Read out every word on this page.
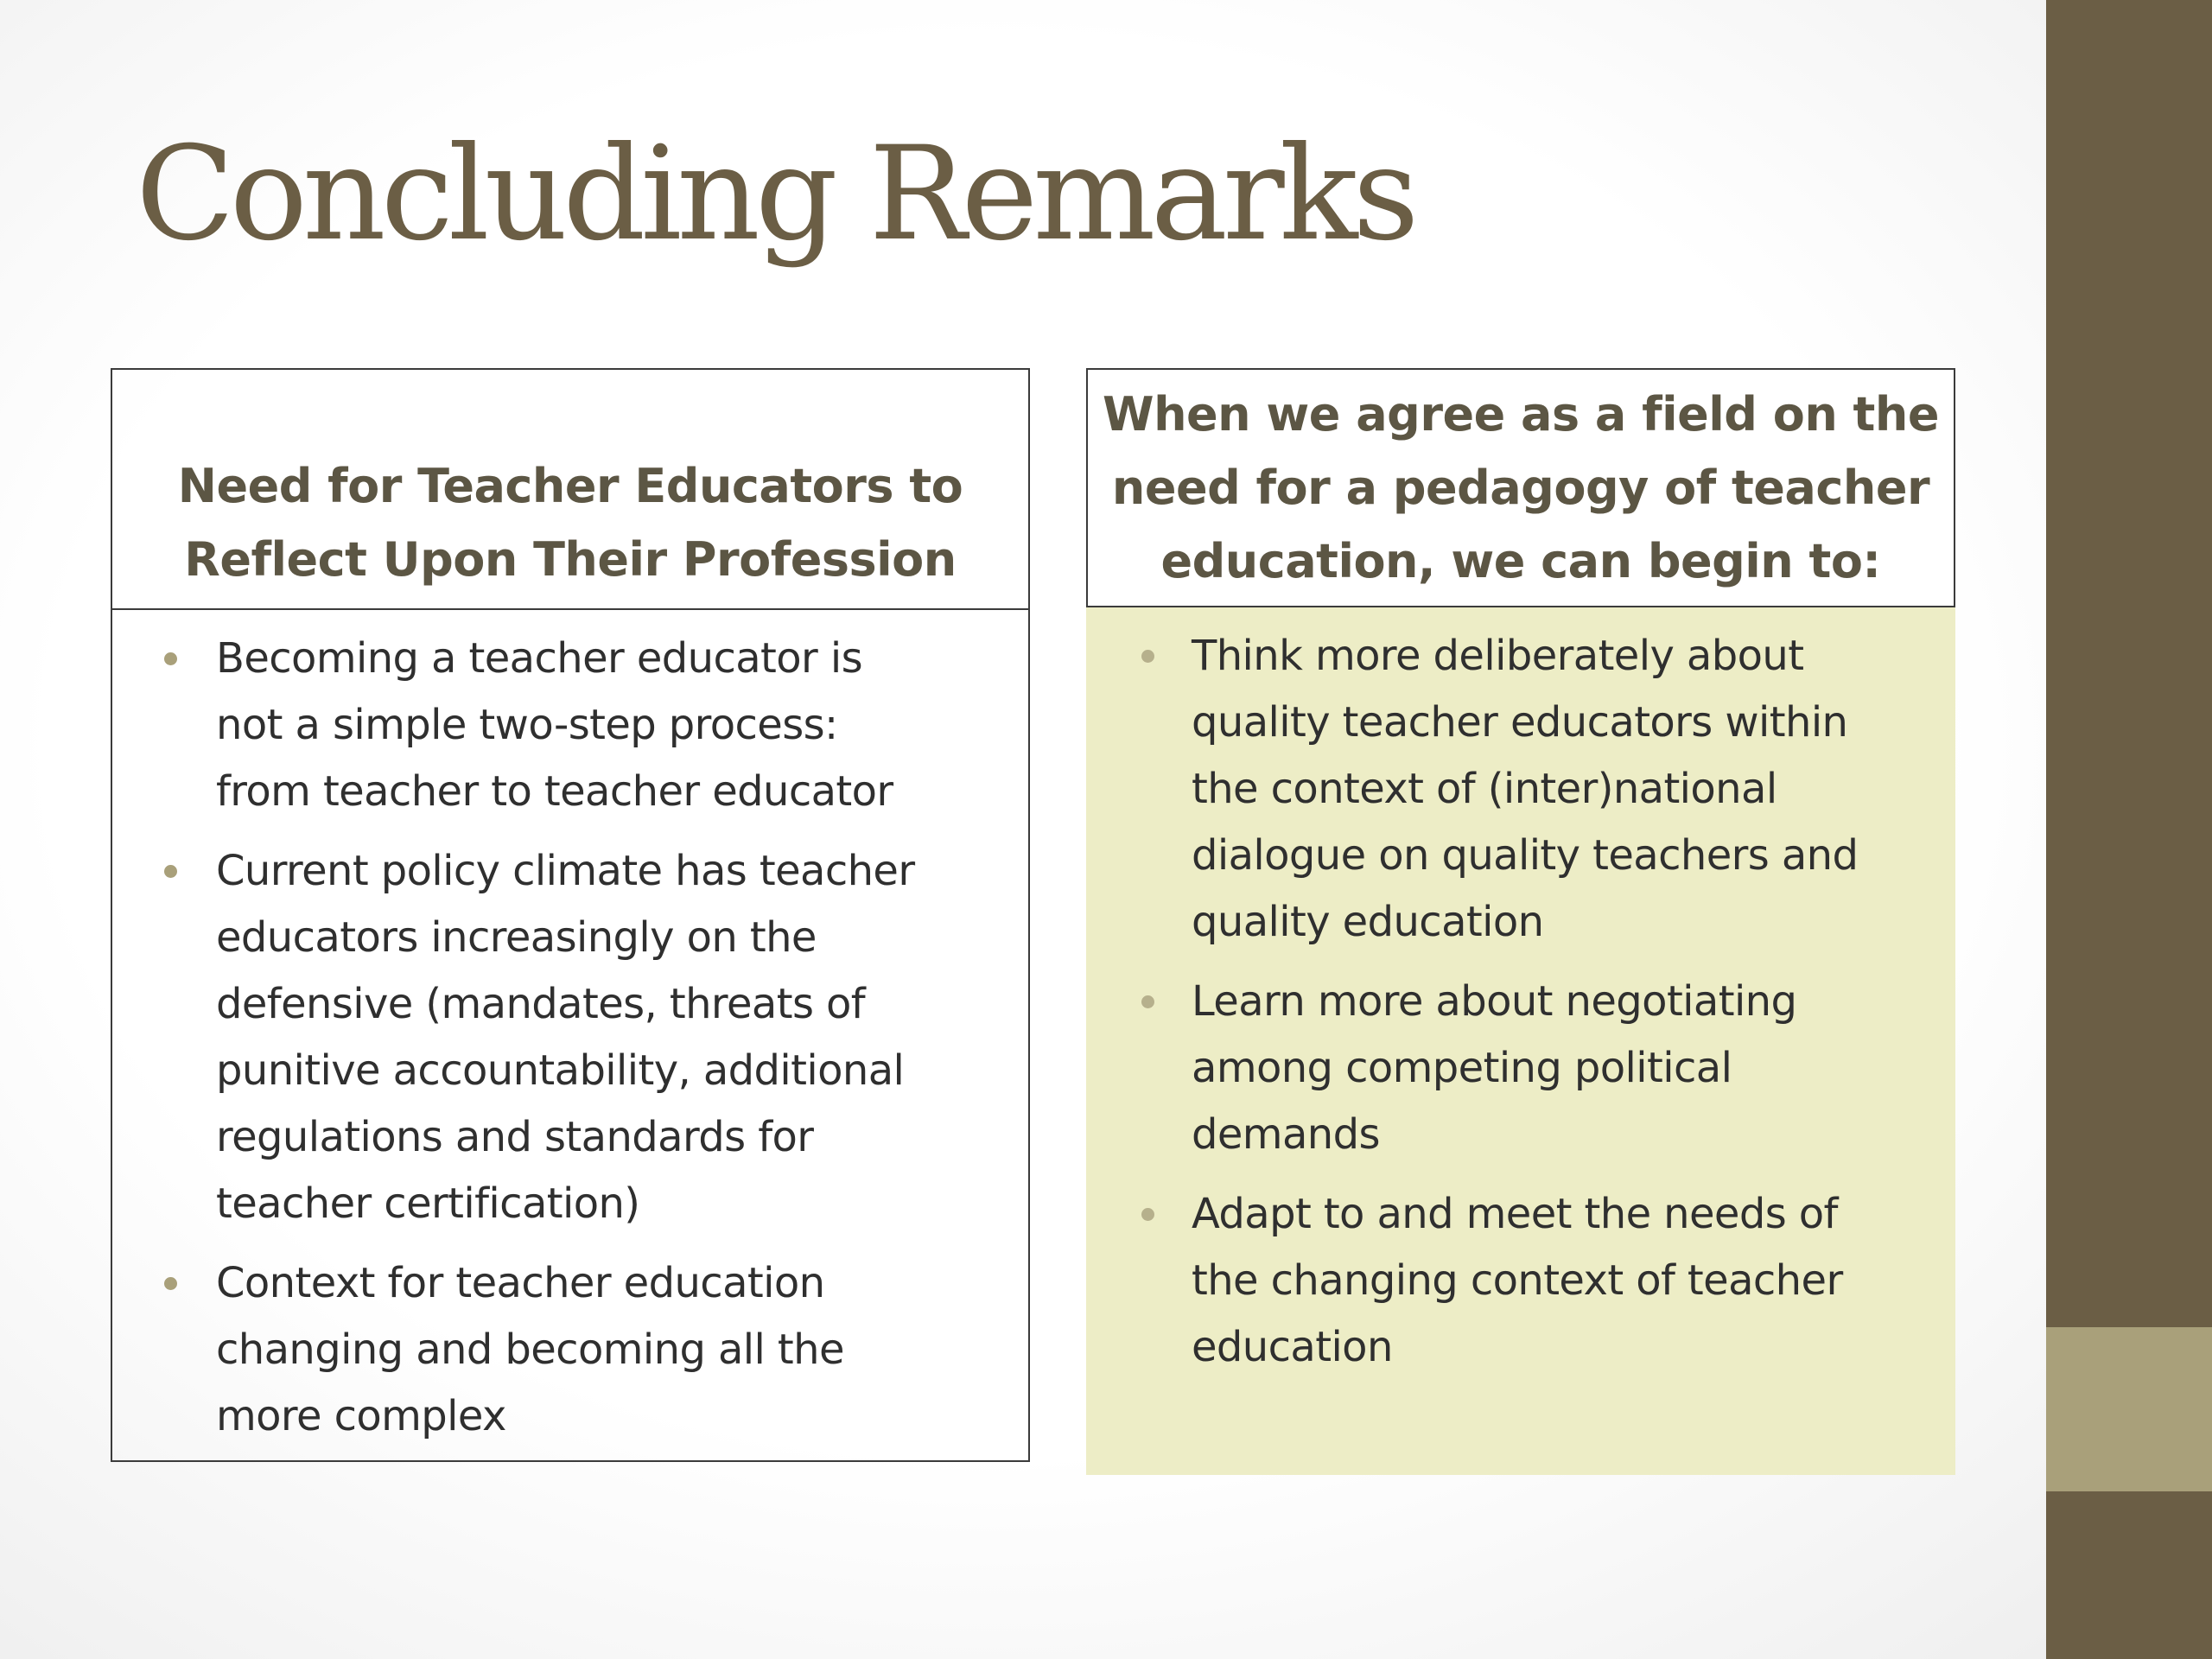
Concluding Remarks
Need for Teacher Educators to
Reflect Upon Their Profession
Becoming a teacher educator is
not a simple two-step process:
from teacher to teacher educator
Current policy climate has teacher
educators increasingly on the
defensive (mandates, threats of
punitive accountability, additional
regulations and standards for
teacher certification)
Context for teacher education
changing and becoming all the
more complex
When we agree as a field on the
need for a pedagogy of teacher
education, we can begin to:
Think more deliberately about
quality teacher educators within
the context of (inter)national
dialogue on quality teachers and
quality education
Learn more about negotiating
among competing political
demands
Adapt to and meet the needs of
the changing context of teacher
education
